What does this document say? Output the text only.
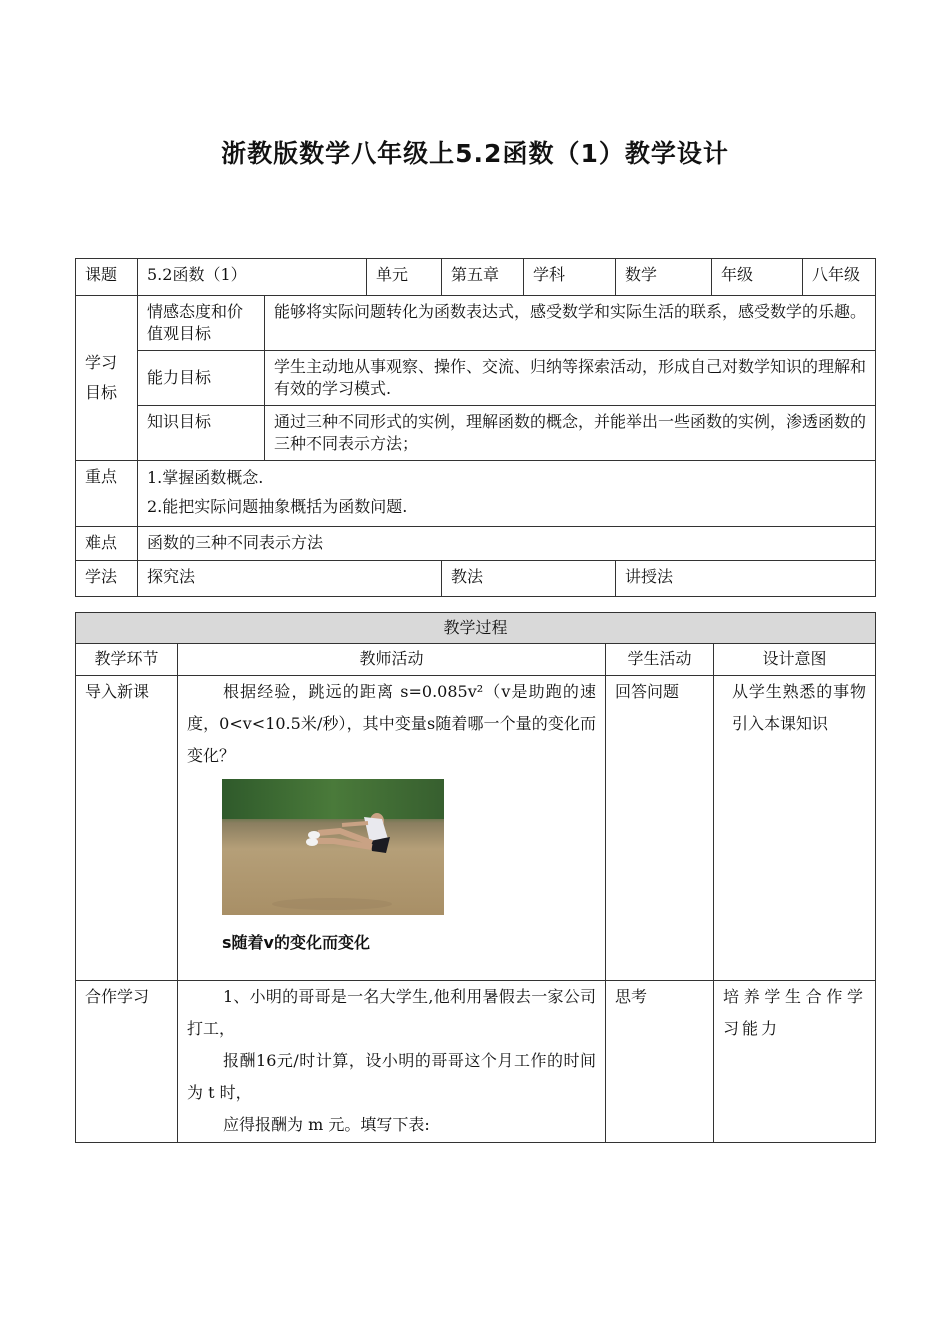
浙教版数学八年级上5.2函数（1）教学设计
课题	5.2函数（1）		单元	第五章	学科	数学	年级	八年级

学习
目标	情感态度和价值观目标	能够将实际问题转化为函数表达式，感受数学和实际生活的联系，感受数学的乐趣。						
	能力目标	学生主动地从事观察、操作、交流、归纳等探索活动，形成自己对数学知识的理解和有效的学习模式.						
	知识目标	通过三种不同形式的实例，理解函数的概念，并能举出一些函数的实例，渗透函数的三种不同表示方法；						
重点	1.掌握函数概念.
2.能把实际问题抽象概括为函数问题.							

难点	函数的三种不同表示方法							
学法	探究法			教法		讲授法		
教学过程			
教学环节	教师活动	学生活动	设计意图
导入新课	根据经验，跳远的距离 s=0.085v²（v是助跑的速度，0<v<10.5米/秒），其中变量s随着哪一个量的变化而变化？
s随着v的变化而变化	回答问题	从学生熟悉的事物引入本课知识

合作学习	1、小明的哥哥是一名大学生,他利用暑假去一家公司打工，
报酬16元/时计算，设小明的哥哥这个月工作的时间为 t 时，
应得报酬为 m 元。填写下表:	思考	培养学生合作学习能力
